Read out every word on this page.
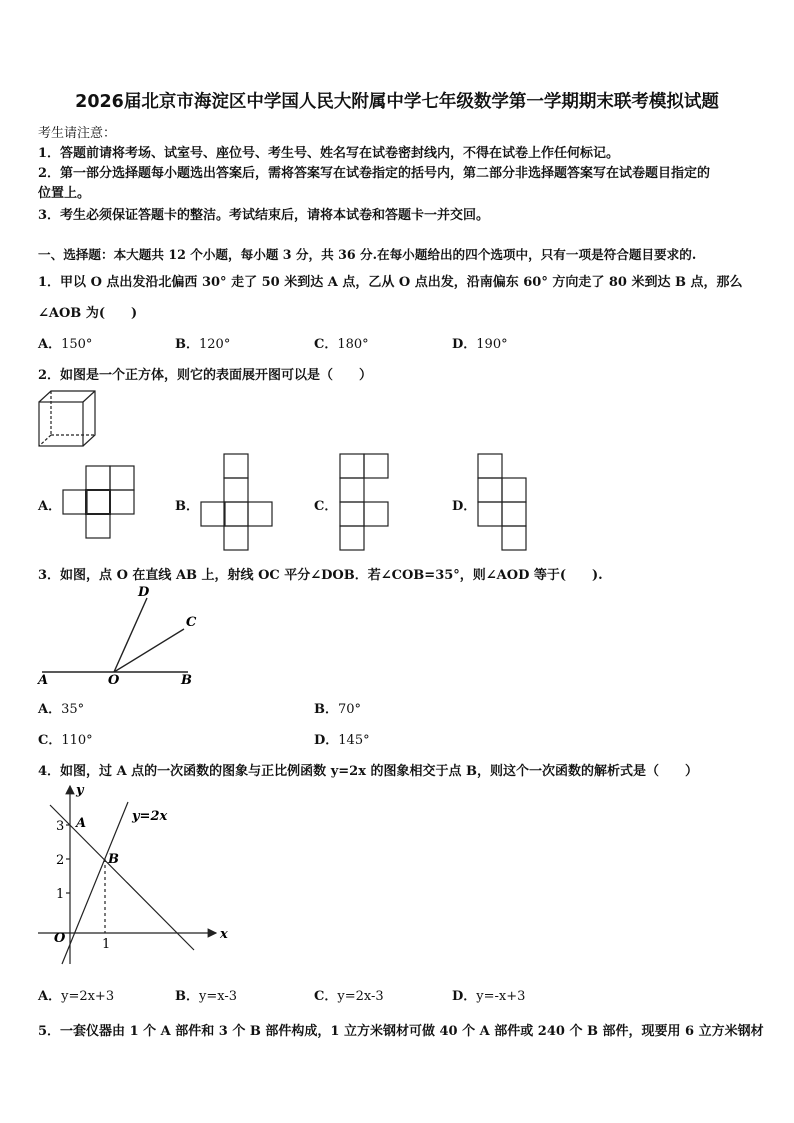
2026届北京市海淀区中学国人民大附属中学七年级数学第一学期期末联考模拟试题
考生请注意：
1．答题前请将考场、试室号、座位号、考生号、姓名写在试卷密封线内，不得在试卷上作任何标记。
2．第一部分选择题每小题选出答案后，需将答案写在试卷指定的括号内，第二部分非选择题答案写在试卷题目指定的
位置上。
3．考生必须保证答题卡的整洁。考试结束后，请将本试卷和答题卡一并交回。
一、选择题：本大题共 12 个小题，每小题 3 分，共 36 分.在每小题给出的四个选项中，只有一项是符合题目要求的.
1．甲以 O 点出发沿北偏西 30° 走了 50 米到达 A 点，乙从 O 点出发，沿南偏东 60° 方向走了 80 米到达 B 点，那么
∠AOB 为(　　)
A．150°	B．120°	C．180°	D．190°
2．如图是一个正方体，则它的表面展开图可以是（　　）
A．	B．	C．	D．
3．如图，点 O 在直线 AB 上，射线 OC 平分∠DOB．若∠COB=35°，则∠AOD 等于(　　).
D
C
A	O	B
A．35°	B．70°
C．110°	D．145°
4．如图，过 A 点的一次函数的图象与正比例函数 y=2x 的图象相交于点 B，则这个一次函数的解析式是（　　）
y
x
O
A
B
y=2x
3
2
1
1
A．y=2x+3	B．y=x-3	C．y=2x-3	D．y=-x+3
5．一套仪器由 1 个 A 部件和 3 个 B 部件构成，1 立方米钢材可做 40 个 A 部件或 240 个 B 部件，现要用 6 立方米钢材
